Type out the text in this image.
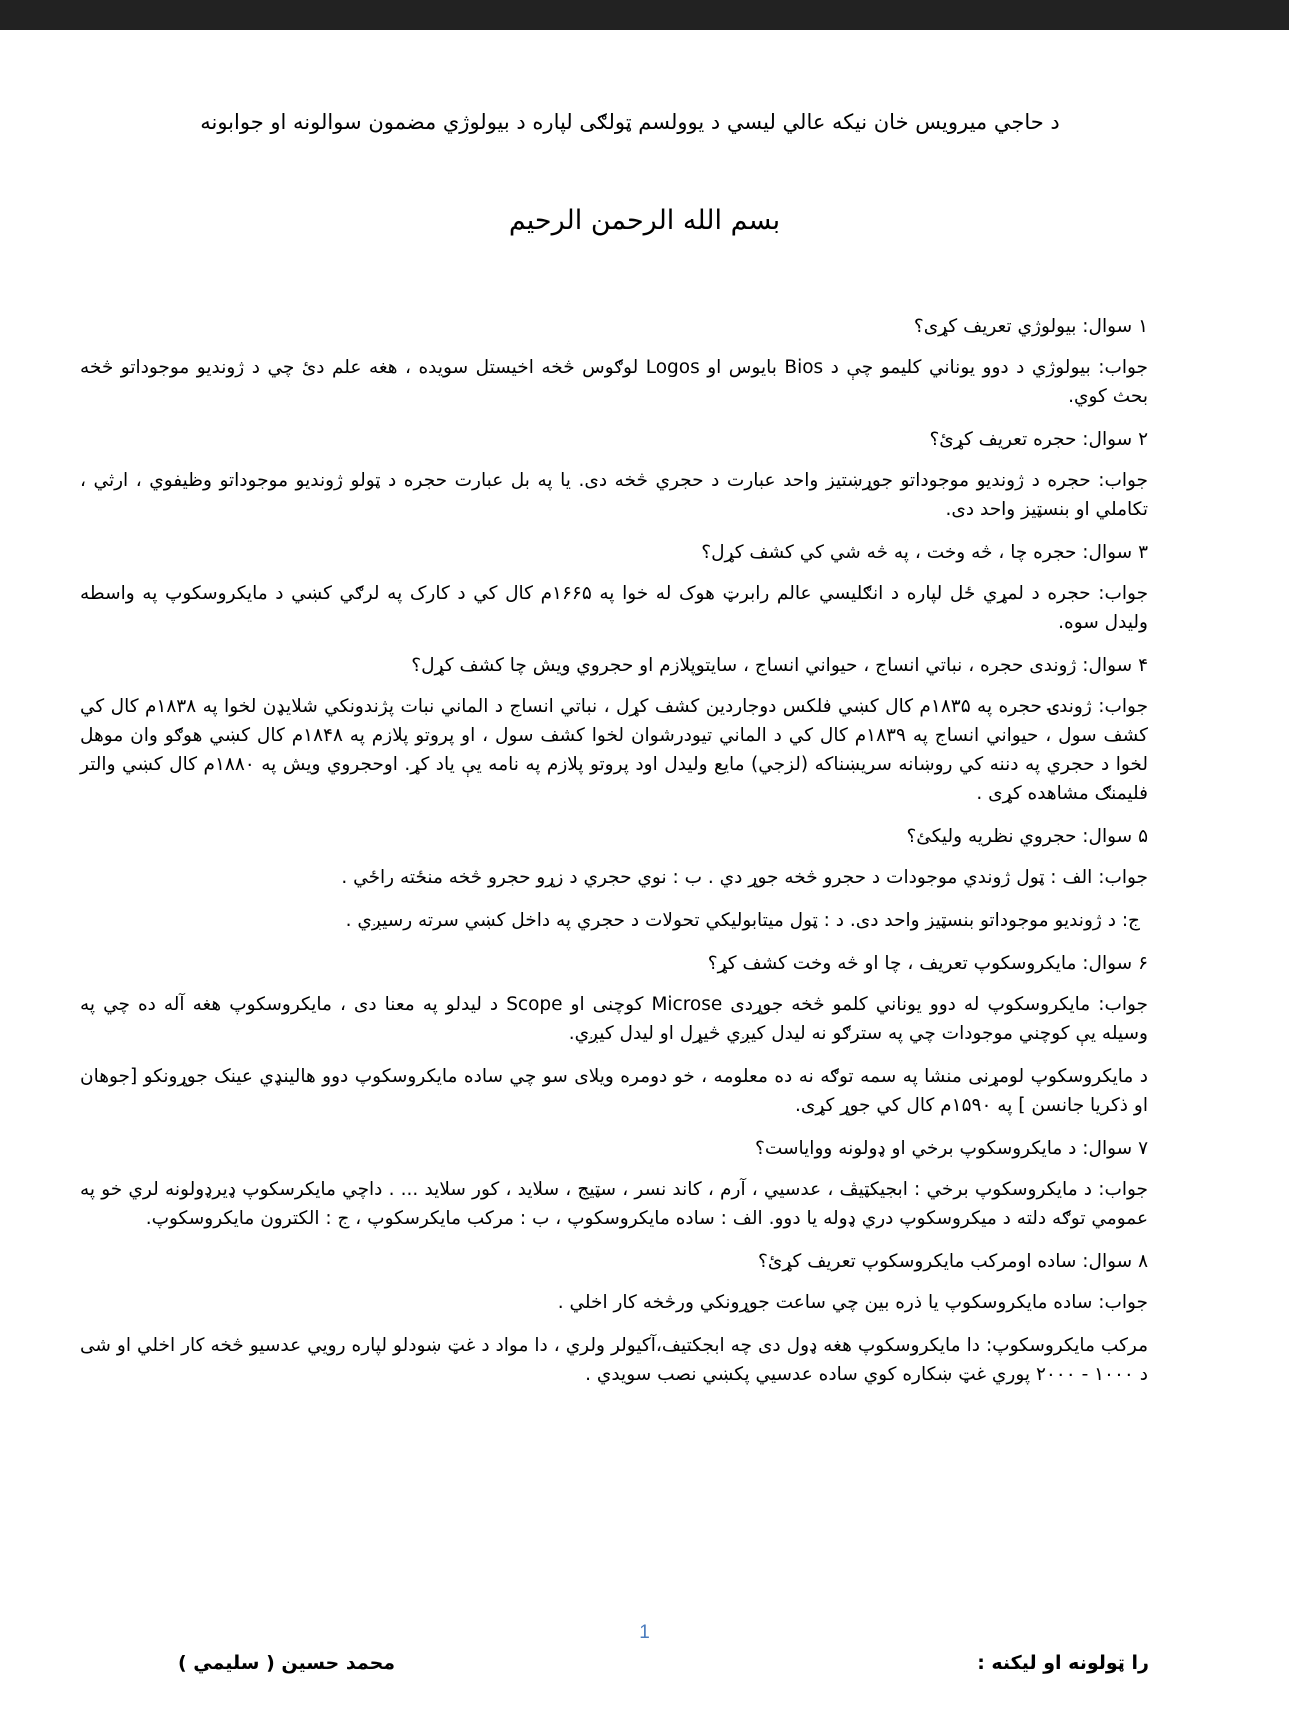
د حاجي میرویس خان نیکه عالي لیسي د یوولسم ټولګی لپاره د بیولوژي مضمون سوالونه او جوابونه
بسم الله الرحمن الرحیم

۱ سوال: بیولوژي تعریف کړی؟

جواب: بیولوژي د دوو یوناني کلیمو چې د Bios بایوس او Logos لوګوس څخه اخیستل سویده ، هغه علم دئ چي د ژوندیو موجوداتو څخه بحث کوي.

۲ سوال: حجره تعریف کړئ؟

جواب: حجره د ژوندیو موجوداتو جوړښتیز واحد عبارت د حجري څخه دی. یا په بل عبارت حجره د ټولو ژوندیو موجوداتو وظیفوي ، ارثي ، تکاملي او بنسټیز واحد دی.

۳ سوال: حجره چا ، څه وخت ، په څه شي کي کشف کړل؟

جواب: حجره د لمړي ځل لپاره د انګلیسي عالم رابرټ هوک له خوا په ۱۶۶۵م کال کي د کارک په لرګي کښي د مایکروسکوپ په واسطه ولیدل سوه.

۴ سوال: ژوندی حجره ، نباتي انساج ، حیواني انساج ، سایتوپلازم او حجروي ویش چا کشف کړل؟

جواب: ژوندۍ حجره په ۱۸۳۵م کال کښي فلکس دوجاردین کشف کړل ، نباتي انساج د الماني نبات پژندونکي شلایډن لخوا په ۱۸۳۸م کال کي کشف سول ، حیواني انساج په ۱۸۳۹م کال کي د الماني تیودرشوان لخوا کشف سول ، او پروتو پلازم په ۱۸۴۸م کال کښي هوګو وان موهل لخوا د حجري په دننه کي روښانه سریښناکه (لزجي) مایع ولیدل اود پروتو پلازم په نامه یې یاد کړ. اوحجروي ویش په ۱۸۸۰م کال کښي والتر فلیمنګ مشاهده کړی .

۵ سوال: حجروي نظریه ولیکئ؟

جواب: الف : ټول ژوندي موجودات د حجرو څخه جوړ دي . ب : نوي حجري د زړو حجرو څخه منځته راځي .

ج: د ژوندیو موجوداتو بنسټیز واحد دی. د : ټول میتابولیکي تحولات د حجري په داخل کښي سرته رسیږي .

۶ سوال: مایکروسکوپ تعریف ، چا او څه وخت کشف کړ؟

جواب: مایکروسکوپ له دوو یوناني کلمو څخه جوړدی Microse کوچنی او Scope د لیدلو په معنا دی ، مایکروسکوپ هغه آله ده چي په وسیله یې کوچني موجودات چي په سترګو نه لیدل کیږي څیړل او لیدل کیږي.

د مایکروسکوپ لومړنی منشا په سمه توګه نه ده معلومه ، خو دومره ویلای سو چي ساده مایکروسکوپ دوو هالینډي عینک جوړونکو [جوهان او ذکریا جانسن ] په ۱۵۹۰م کال کي جوړ کړی.

۷ سوال: د مایکروسکوپ برخي او ډولونه وواياست؟

جواب: د مایکروسکوپ برخي : ابجیکټیڤ ، عدسیي ، آرم ، کاند نسر ، سټیج ، سلاید ، کور سلاید ... . داچي مایکرسکوپ ډیرډولونه لري خو په عمومي توګه دلته د میکروسکوپ دري ډوله یا دوو. الف : ساده مایکروسکوپ ، ب : مرکب مایکرسکوپ ، ج : الکترون مایکروسکوپ.

۸ سوال: ساده اومرکب مایکروسکوپ تعریف کړئ؟

جواب: ساده مایکروسکوپ یا ذره بین چي ساعت جوړونکي ورڅخه کار اخلي .

مرکب مایکروسکوپ: دا مایکروسکوپ هغه ډول دی چه ابجکتیف،آکیولر ولري ، دا مواد د غټ ښودلو لپاره رویي عدسیو څخه کار اخلي او شی د ۱۰۰۰ - ۲۰۰۰ پوري غټ ښکاره کوي ساده عدسیي پکښي نصب سویدي .

1
را ټولونه او لیکنه :
محمد حسین ( سلیمي )
